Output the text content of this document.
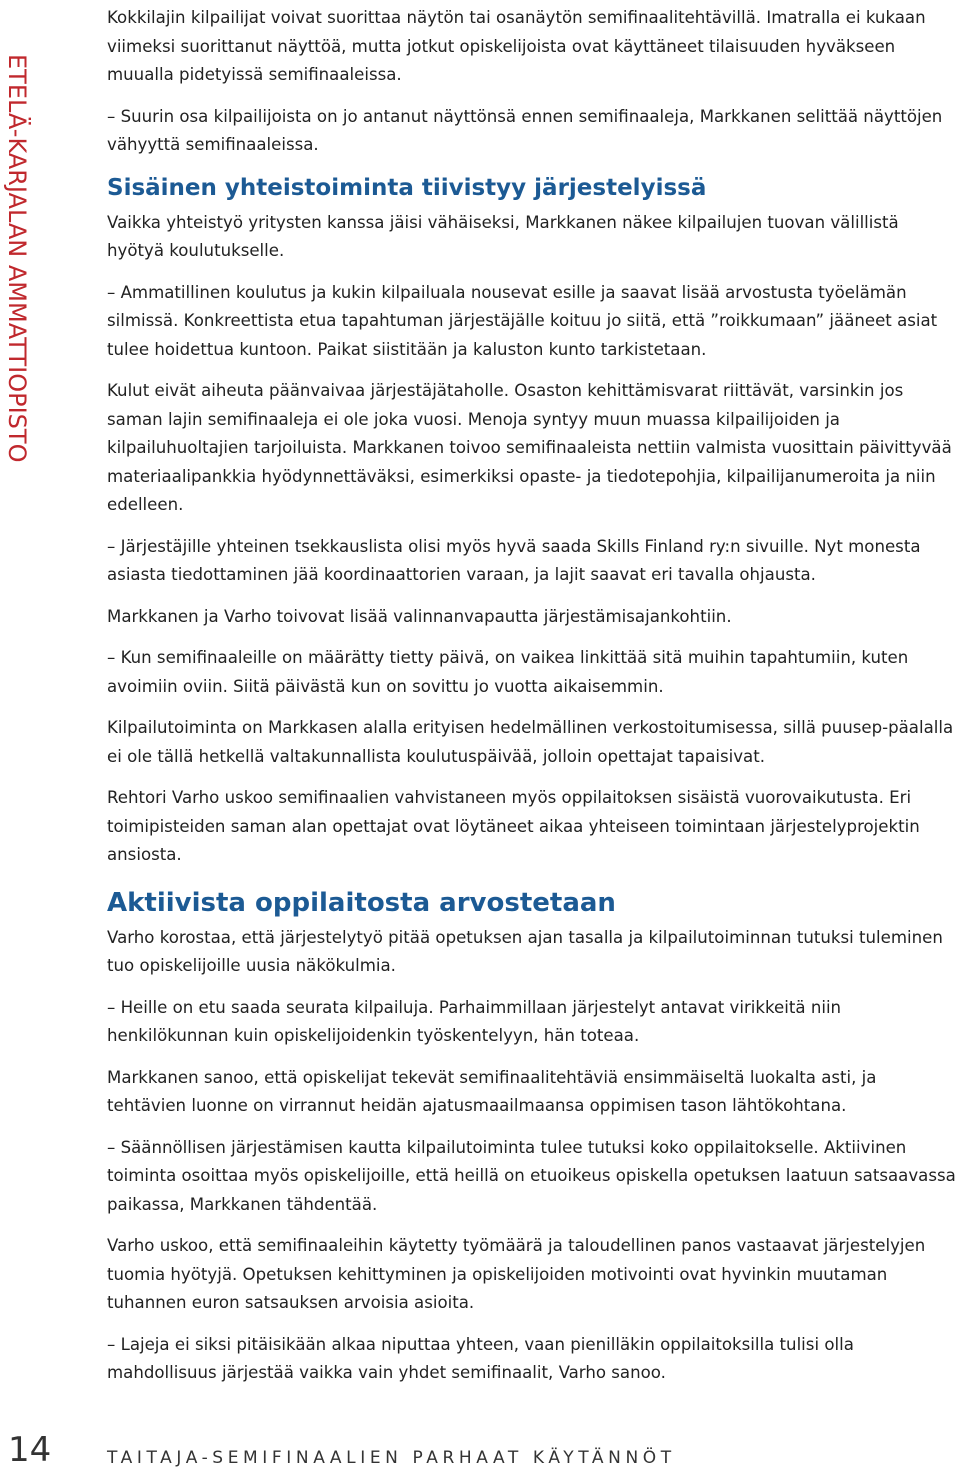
ETELÄ-KARJALAN AMMATTIOPISTO

Kokkilajin kilpailijat voivat suorittaa näytön tai osanäytön semifinaalitehtävillä. Imatralla ei kukaan viimeksi suorittanut näyttöä, mutta jotkut opiskelijoista ovat käyttäneet tilaisuuden hyväkseen muualla pidetyissä semifinaaleissa.

– Suurin osa kilpailijoista on jo antanut näyttönsä ennen semifinaaleja, Markkanen selittää näyttöjen vähyyttä semifinaaleissa.

Sisäinen yhteistoiminta tiivistyy järjestelyissä

Vaikka yhteistyö yritysten kanssa jäisi vähäiseksi, Markkanen näkee kilpailujen tuovan välillistä hyötyä koulutukselle.

– Ammatillinen koulutus ja kukin kilpailuala nousevat esille ja saavat lisää arvostusta työelämän silmissä. Konkreettista etua tapahtuman järjestäjälle koituu jo siitä, että ”roikkumaan” jääneet asiat tulee hoidettua kuntoon. Paikat siistitään ja kaluston kunto tarkistetaan.

Kulut eivät aiheuta päänvaivaa järjestäjätaholle. Osaston kehittämisvarat riittävät, varsinkin jos saman lajin semifinaaleja ei ole joka vuosi. Menoja syntyy muun muassa kilpailijoiden ja kilpailuhuoltajien tarjoiluista. Markkanen toivoo semifinaaleista nettiin valmista vuosittain päivittyvää materiaalipankkia hyödynnettäväksi, esimerkiksi opaste- ja tiedotepohjia, kilpailijanumeroita ja niin edelleen.

– Järjestäjille yhteinen tsekkauslista olisi myös hyvä saada Skills Finland ry:n sivuille. Nyt monesta asiasta tiedottaminen jää koordinaattorien varaan, ja lajit saavat eri tavalla ohjausta.

Markkanen ja Varho toivovat lisää valinnanvapautta järjestämisajankohtiin.

– Kun semifinaaleille on määrätty tietty päivä, on vaikea linkittää sitä muihin tapahtumiin, kuten avoimiin oviin. Siitä päivästä kun on sovittu jo vuotta aikaisemmin.

Kilpailutoiminta on Markkasen alalla erityisen hedelmällinen verkostoitumisessa, sillä puusep-päalalla ei ole tällä hetkellä valtakunnallista koulutuspäivää, jolloin opettajat tapaisivat.

Rehtori Varho uskoo semifinaalien vahvistaneen myös oppilaitoksen sisäistä vuorovaikutusta. Eri toimipisteiden saman alan opettajat ovat löytäneet aikaa yhteiseen toimintaan järjestelyprojektin ansiosta.

Aktiivista oppilaitosta arvostetaan

Varho korostaa, että järjestelytyö pitää opetuksen ajan tasalla ja kilpailutoiminnan tutuksi tuleminen tuo opiskelijoille uusia näkökulmia.

– Heille on etu saada seurata kilpailuja. Parhaimmillaan järjestelyt antavat virikkeitä niin henkilökunnan kuin opiskelijoidenkin työskentelyyn, hän toteaa.

Markkanen sanoo, että opiskelijat tekevät semifinaalitehtäviä ensimmäiseltä luokalta asti, ja tehtävien luonne on virrannut heidän ajatusmaailmaansa oppimisen tason lähtökohtana.

– Säännöllisen järjestämisen kautta kilpailutoiminta tulee tutuksi koko oppilaitokselle. Aktiivinen toiminta osoittaa myös opiskelijoille, että heillä on etuoikeus opiskella opetuksen laatuun satsaavassa paikassa, Markkanen tähdentää.

Varho uskoo, että semifinaaleihin käytetty työmäärä ja taloudellinen panos vastaavat järjestelyjen tuomia hyötyjä. Opetuksen kehittyminen ja opiskelijoiden motivointi ovat hyvinkin muutaman tuhannen euron satsauksen arvoisia asioita.

– Lajeja ei siksi pitäisikään alkaa niputtaa yhteen, vaan pienilläkin oppilaitoksilla tulisi olla mahdollisuus järjestää vaikka vain yhdet semifinaalit, Varho sanoo.

14	TAITAJA-SEMIFINAALIEN PARHAAT KÄYTÄNNÖT
